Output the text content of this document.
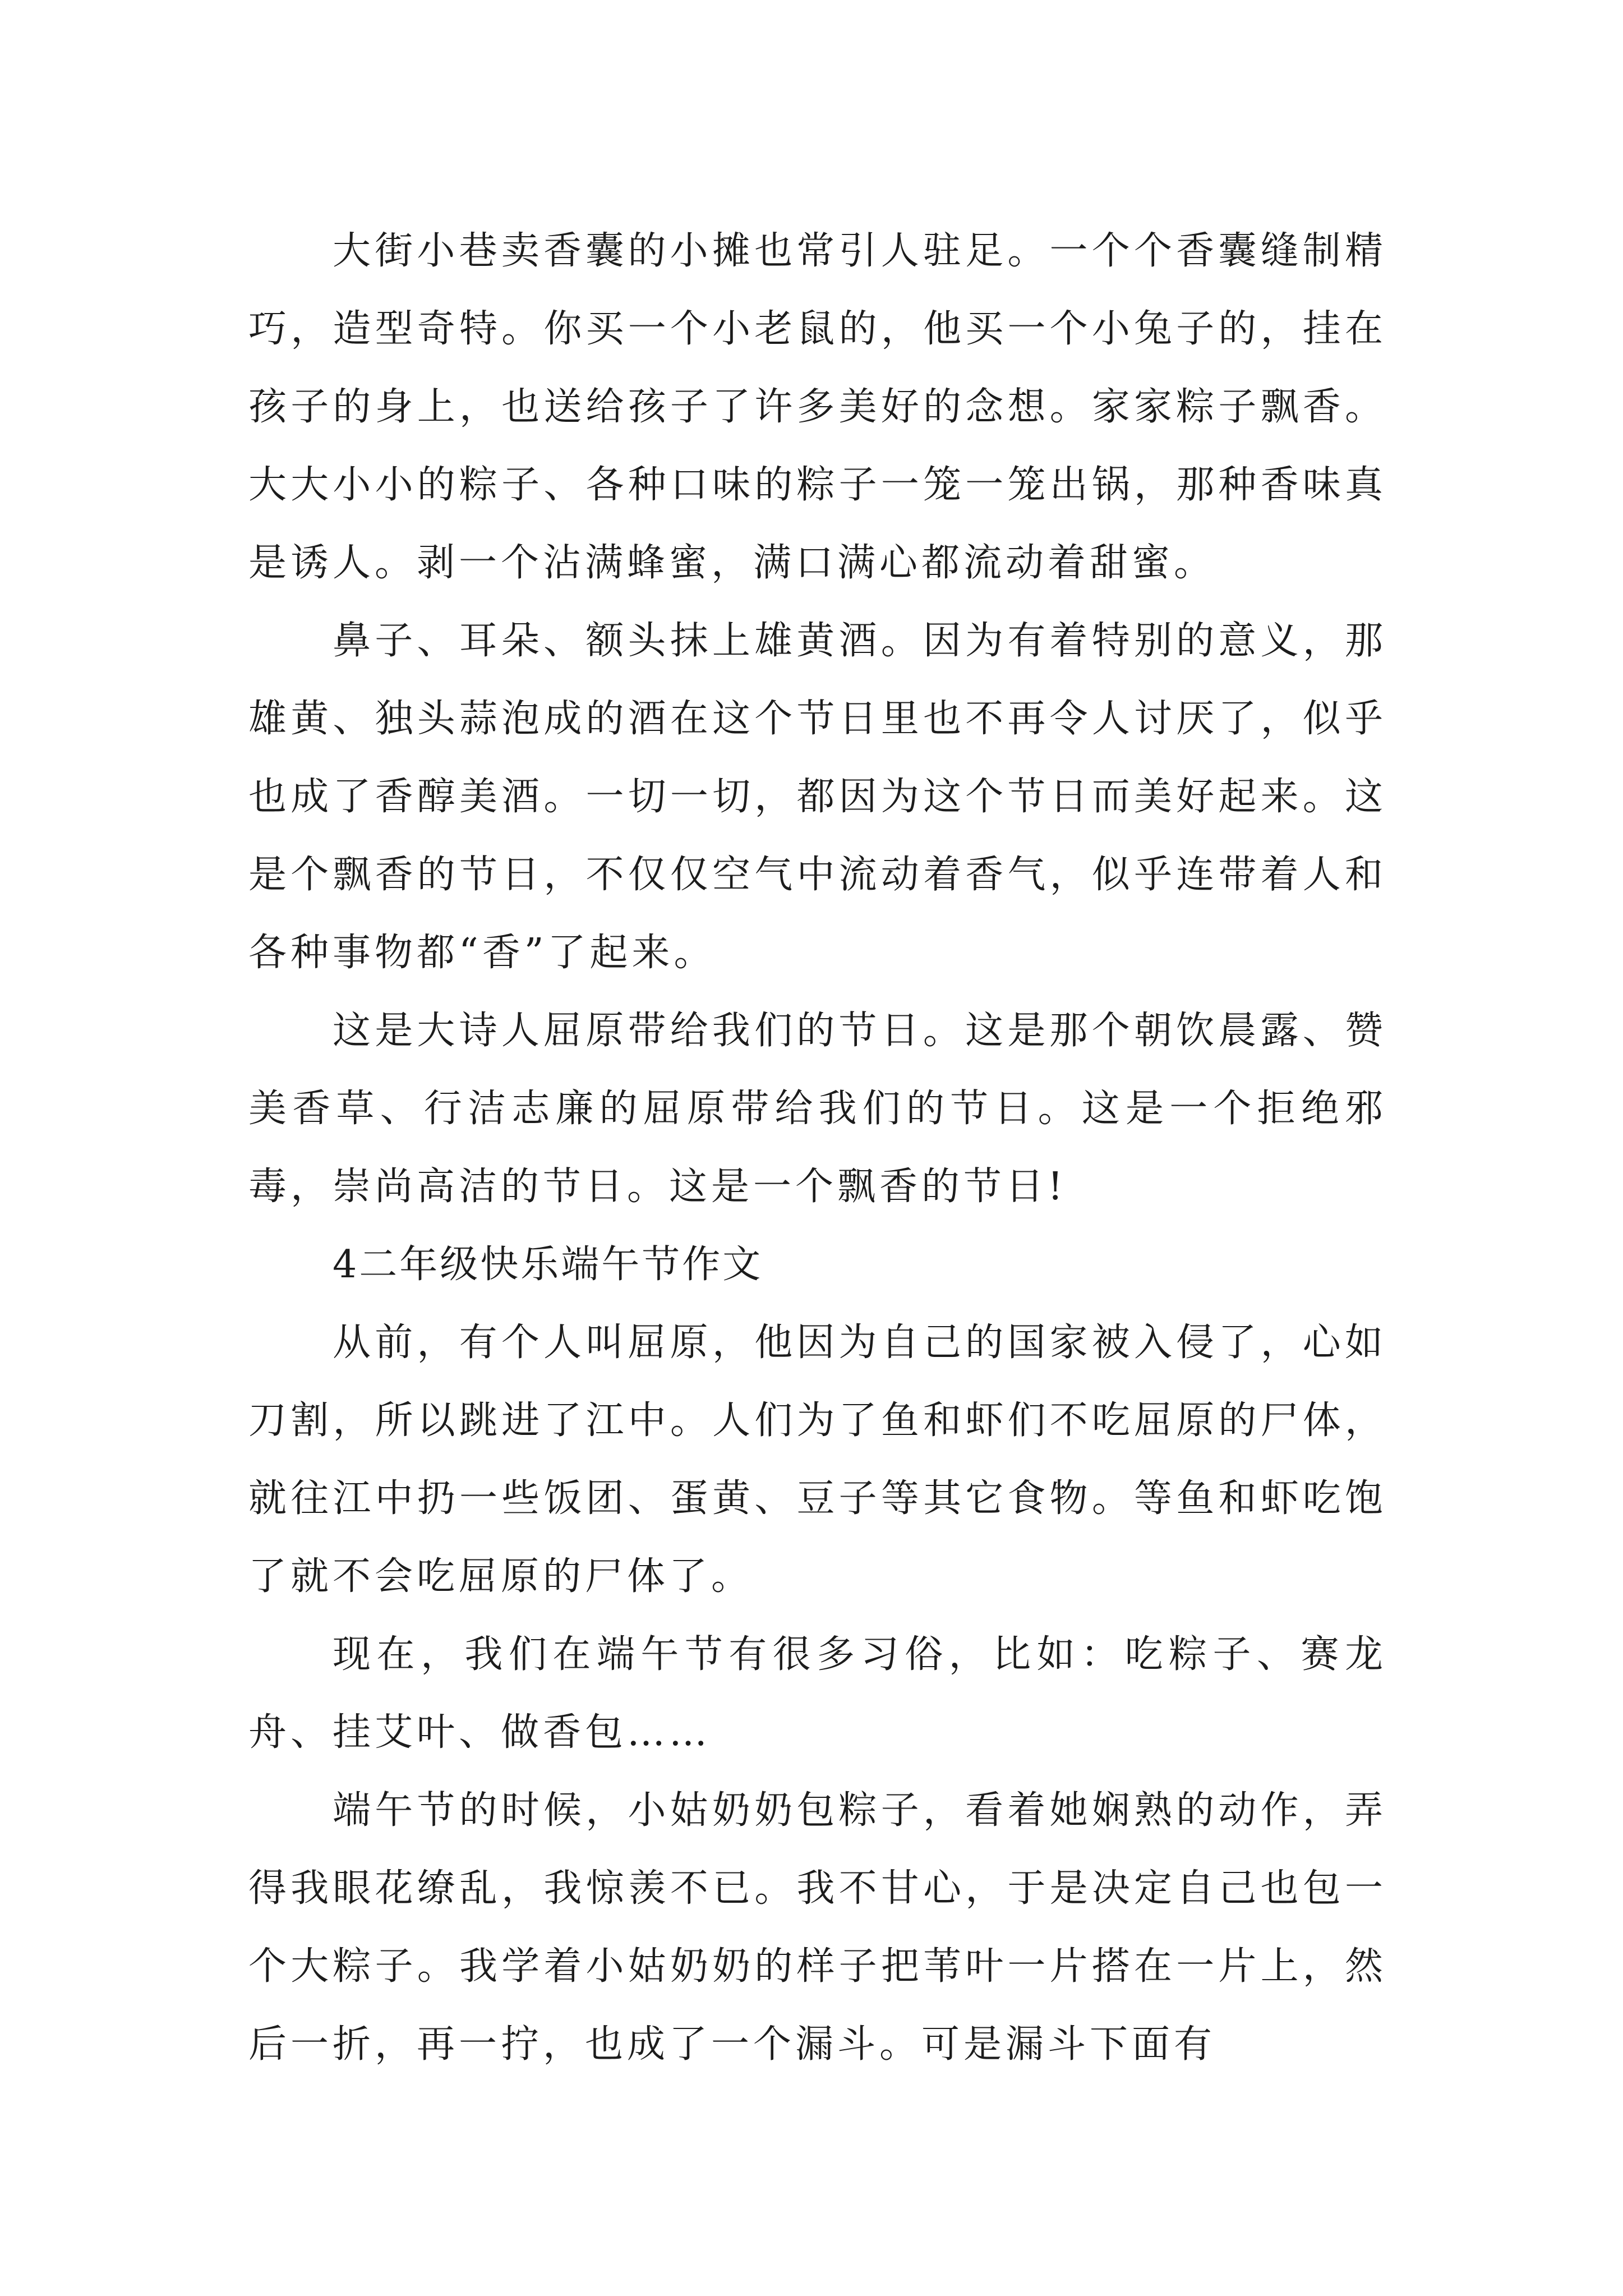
大街小巷卖香囊的小摊也常引人驻足。一个个香囊缝制精巧，造型奇特。你买一个小老鼠的，他买一个小兔子的，挂在孩子的身上，也送给孩子了许多美好的念想。家家粽子飘香。大大小小的粽子、各种口味的粽子一笼一笼出锅，那种香味真是诱人。剥一个沾满蜂蜜，满口满心都流动着甜蜜。

鼻子、耳朵、额头抹上雄黄酒。因为有着特别的意义，那雄黄、独头蒜泡成的酒在这个节日里也不再令人讨厌了，似乎也成了香醇美酒。一切一切，都因为这个节日而美好起来。这是个飘香的节日，不仅仅空气中流动着香气，似乎连带着人和各种事物都“香”了起来。

这是大诗人屈原带给我们的节日。这是那个朝饮晨露、赞美香草、行洁志廉的屈原带给我们的节日。这是一个拒绝邪毒，崇尚高洁的节日。这是一个飘香的节日!

4二年级快乐端午节作文

从前，有个人叫屈原，他因为自己的国家被入侵了，心如刀割，所以跳进了江中。人们为了鱼和虾们不吃屈原的尸体，就往江中扔一些饭团、蛋黄、豆子等其它食物。等鱼和虾吃饱了就不会吃屈原的尸体了。

现在，我们在端午节有很多习俗，比如：吃粽子、赛龙舟、挂艾叶、做香包……

端午节的时候，小姑奶奶包粽子，看着她娴熟的动作，弄得我眼花缭乱，我惊羡不已。我不甘心，于是决定自己也包一个大粽子。我学着小姑奶奶的样子把苇叶一片搭在一片上，然后一折，再一拧，也成了一个漏斗。可是漏斗下面有
